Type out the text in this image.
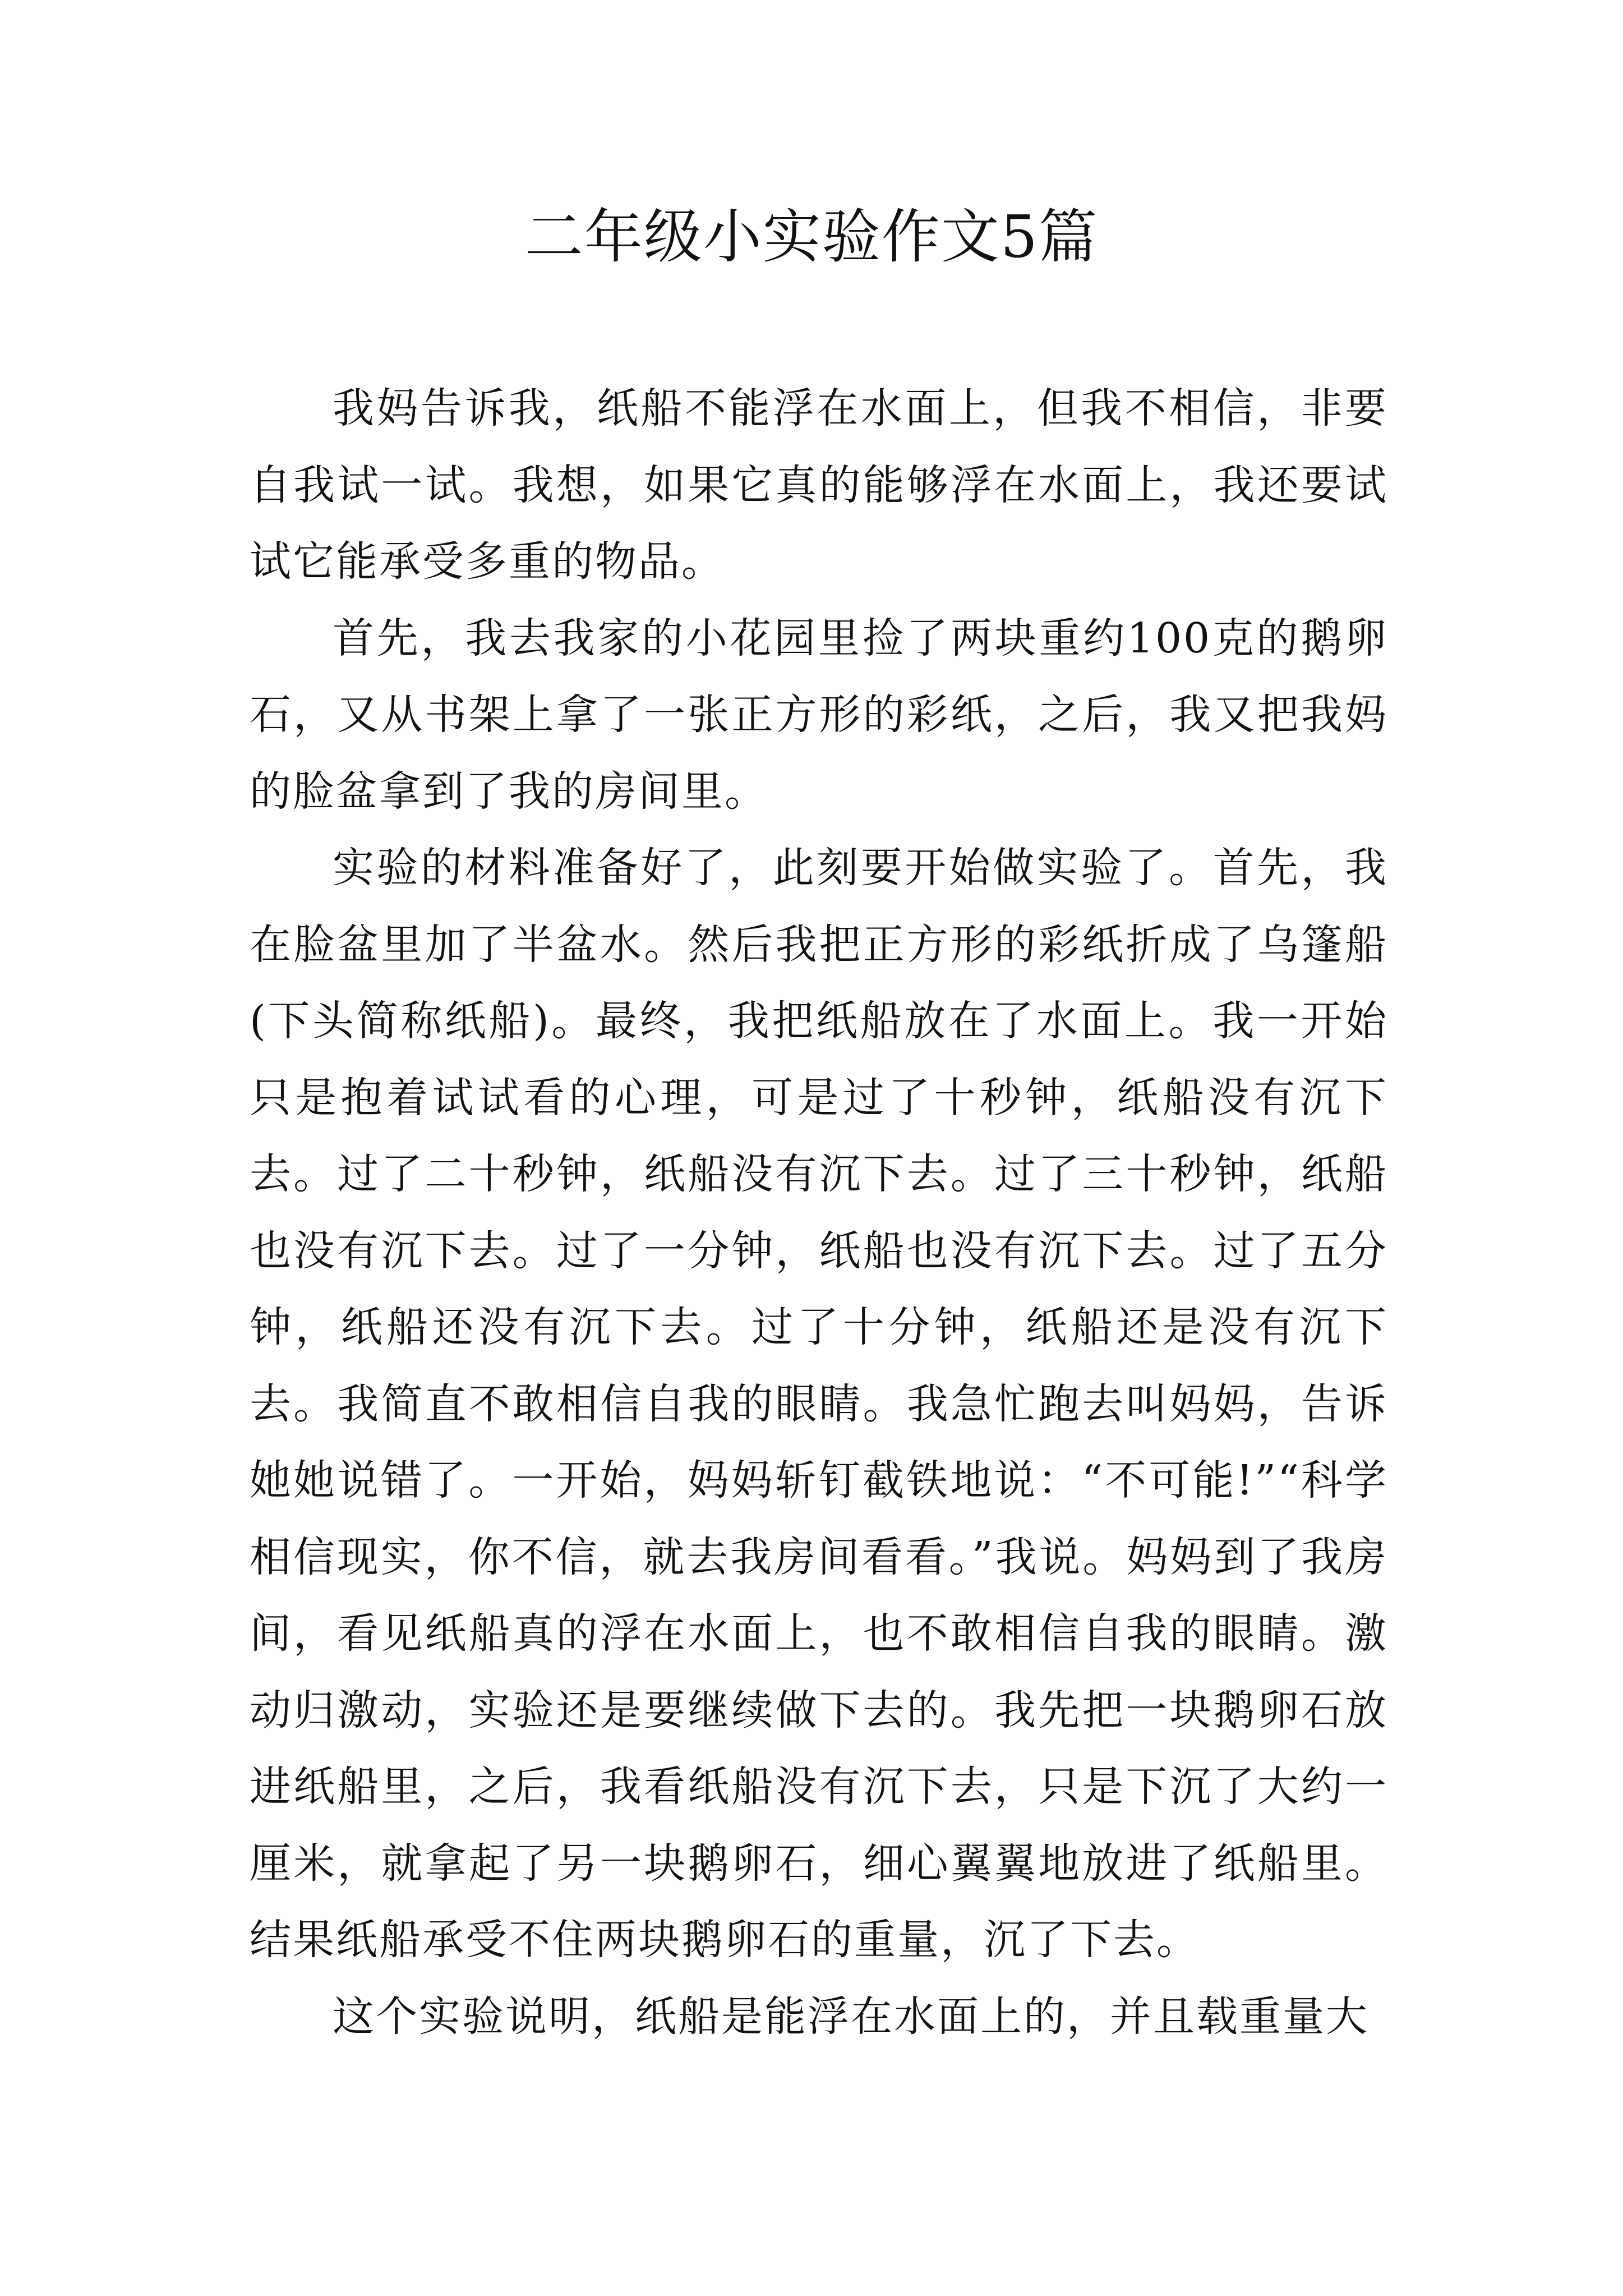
二年级小实验作文5篇

我妈告诉我，纸船不能浮在水面上，但我不相信，非要自我试一试。我想，如果它真的能够浮在水面上，我还要试试它能承受多重的物品。

首先，我去我家的小花园里捡了两块重约100克的鹅卵石，又从书架上拿了一张正方形的彩纸，之后，我又把我妈的脸盆拿到了我的房间里。

实验的材料准备好了，此刻要开始做实验了。首先，我在脸盆里加了半盆水。然后我把正方形的彩纸折成了乌篷船(下头简称纸船)。最终，我把纸船放在了水面上。我一开始只是抱着试试看的心理，可是过了十秒钟，纸船没有沉下去。过了二十秒钟，纸船没有沉下去。过了三十秒钟，纸船也没有沉下去。过了一分钟，纸船也没有沉下去。过了五分钟，纸船还没有沉下去。过了十分钟，纸船还是没有沉下去。我简直不敢相信自我的眼睛。我急忙跑去叫妈妈，告诉她她说错了。一开始，妈妈斩钉截铁地说：“不可能!”“科学相信现实，你不信，就去我房间看看。”我说。妈妈到了我房间，看见纸船真的浮在水面上，也不敢相信自我的眼睛。激动归激动，实验还是要继续做下去的。我先把一块鹅卵石放进纸船里，之后，我看纸船没有沉下去，只是下沉了大约一厘米，就拿起了另一块鹅卵石，细心翼翼地放进了纸船里。结果纸船承受不住两块鹅卵石的重量，沉了下去。

这个实验说明，纸船是能浮在水面上的，并且载重量大
